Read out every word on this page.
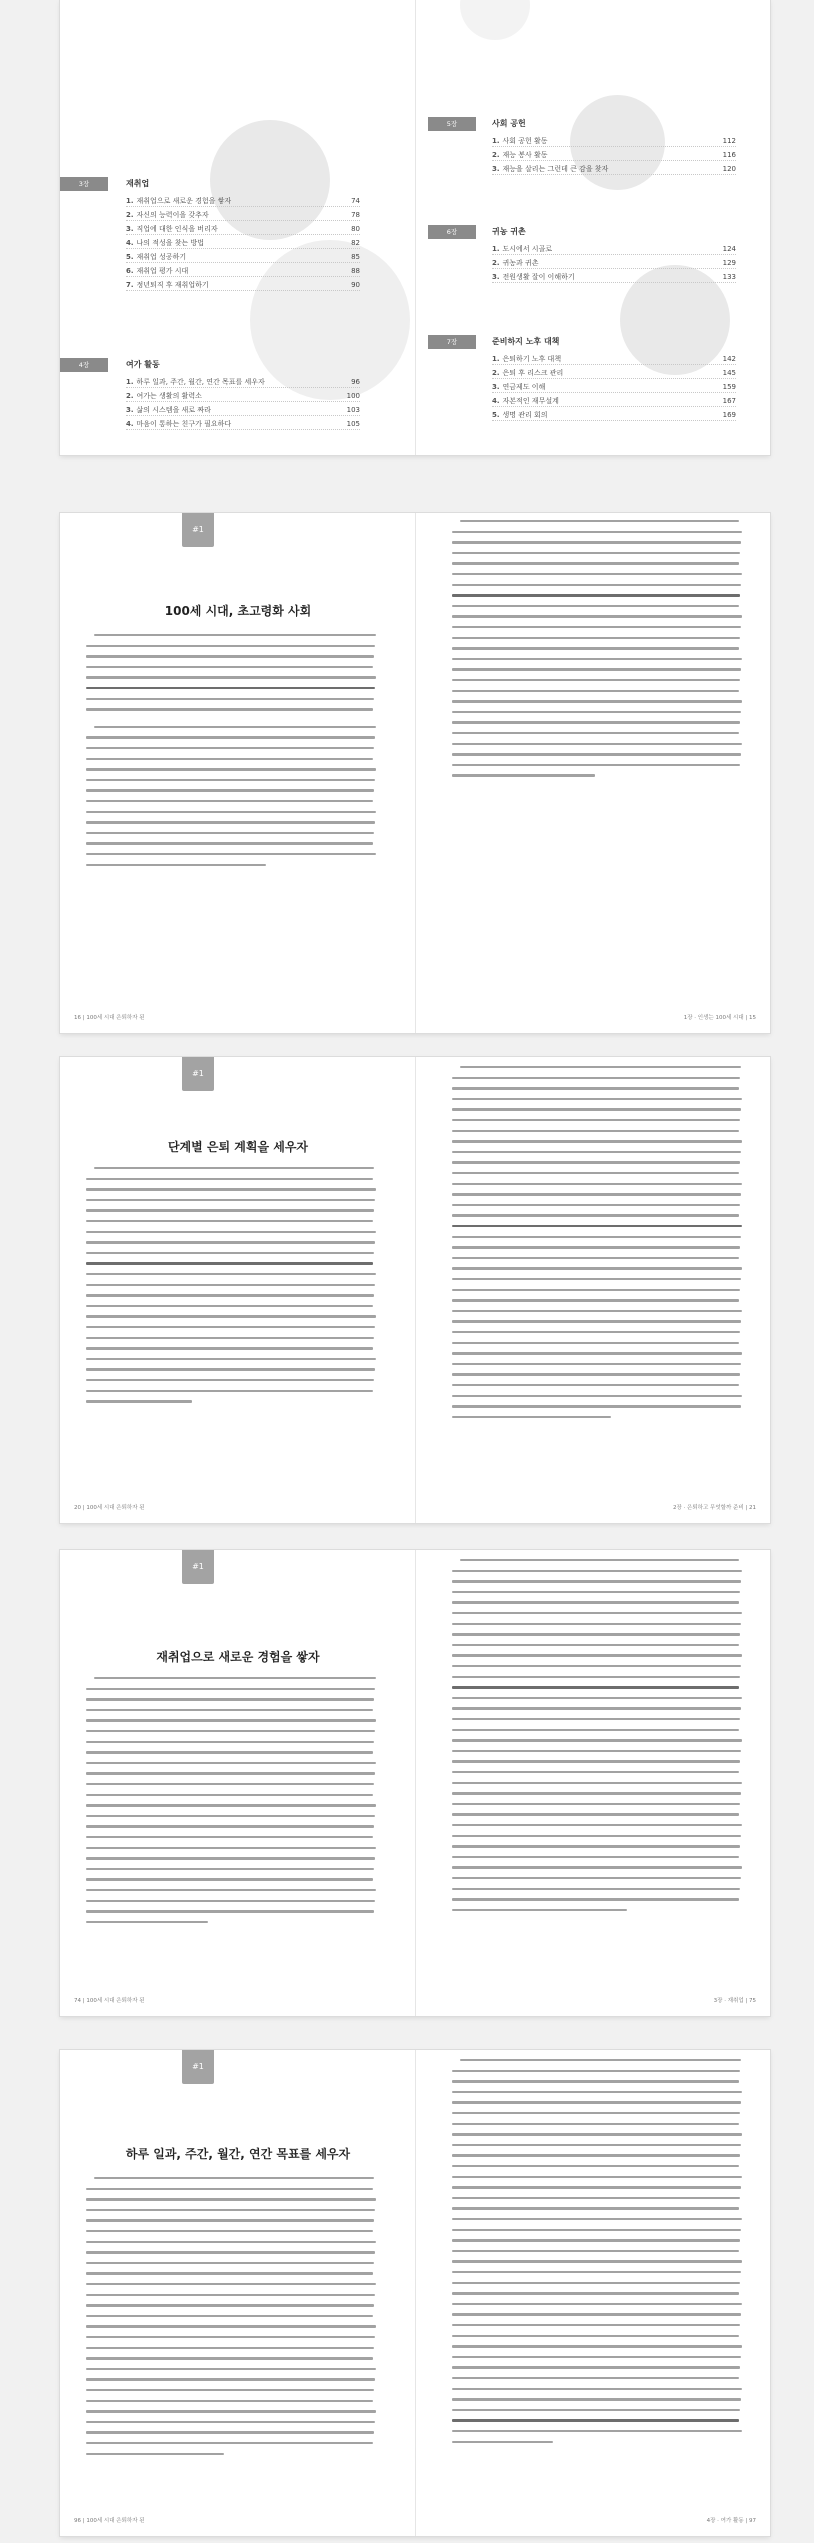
3장	재취업
1. 재취업으로 새로운 경험을 쌓자	74
2. 자신의 능력이을 갖추자	78
3. 직업에 대한 인식을 버리자	80
4. 나의 적성을 찾는 방법	82
5. 재취업 성공하기	85
6. 재취업 평가 시대	88
7. 정년퇴직 후 재취업하기	90
4장	여가 활동
1. 하루 일과, 주간, 월간, 연간 목표를 세우자	96
2. 여가는 생활의 활력소	100
3. 삶의 시스템을 새로 짜라	103
4. 마음이 통하는 친구가 필요하다	105
5장	사회 공헌
1. 사회 공헌 활동	112
2. 재능 봉사 활동	116
3. 재능을 살리는 그런데 큰 감을 찾자	120
6장	귀농 귀촌
1. 도시에서 시골로	124
2. 귀농과 귀촌	129
3. 전원생활 잘이 이해하기	133
7장	준비하지 노후 대책
1. 은퇴하기 노후 대책	142
2. 은퇴 후 리스크 관리	145
3. 연금제도 이해	159
4. 자본적인 재무설계	167
5. 생명 관리 회의	169
#1
100세 시대, 초고령화 사회
16 | 100세 시대 은퇴하자 된	1장 · 인생는 100세 시대 | 15
#1
단계별 은퇴 계획을 세우자
20 | 100세 시대 은퇴하자 된	2장 · 은퇴하고 무엇할까 준비 | 21
#1
재취업으로 새로운 경험을 쌓자
74 | 100세 시대 은퇴하자 된	3장 · 재취업 | 75
#1
하루 일과, 주간, 월간, 연간 목표를 세우자
96 | 100세 시대 은퇴하자 된	4장 · 여가 활동 | 97
